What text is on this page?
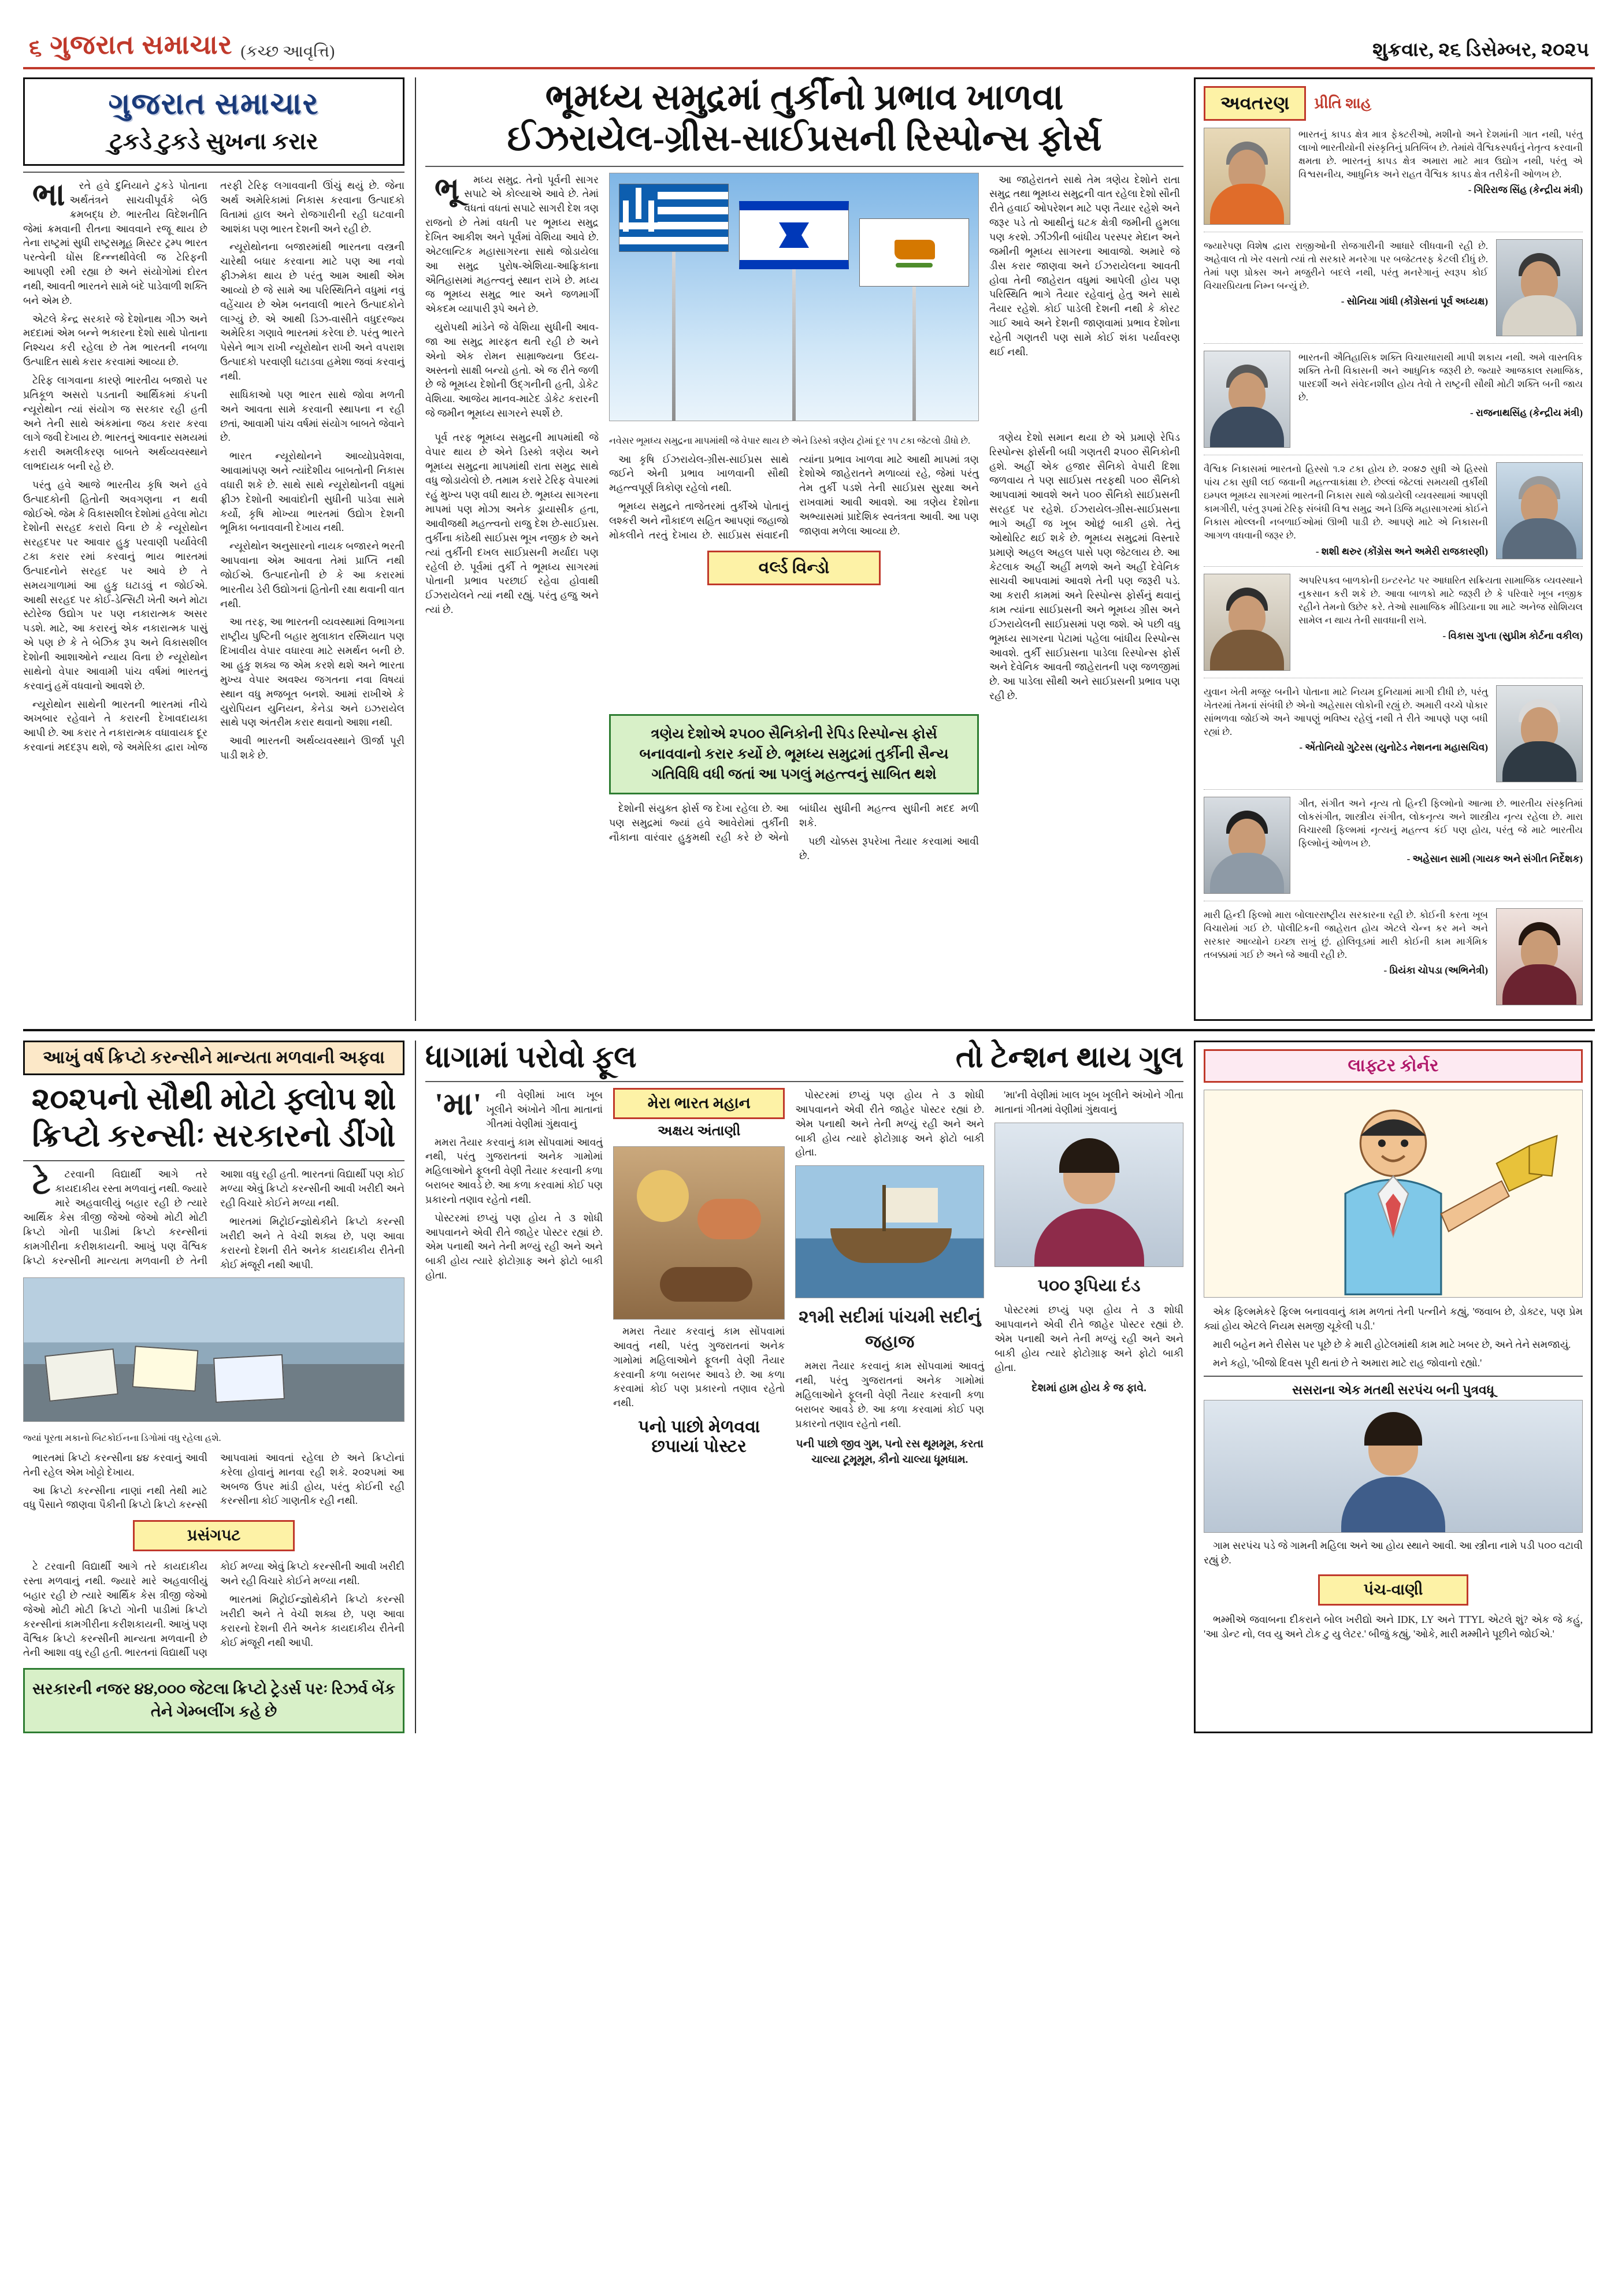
૬ ગુજરાત સમાચાર (કચ્છ આવૃત્તિ)	શુક્રવાર, ૨૬ ડિસેમ્બર, ૨૦૨૫
ગુજરાત સમાચાર
ટુકડે ટુકડે સુખના કરાર

ભારતે હવે દુનિયાને ટુકડે પોતાના અર્થતંત્રને સાચવીપૂર્વકે બેઉ ક્રમબદ્ધ છે. ભારતીય વિદેશનીતિ જેમાં ક્રમવાની રીતના આવવાને રજૂ થાય છે તેના રાષ્ટ્રમાં સુધી રાષ્ટ્રસમૂહ મિસ્ટર ટ્રમ્પ ભારત પરત્વેની ધોંસ દિન્ન્નથીવેલી જ ટેરિફની આપણી રમી રહ્યા છે અને સંયોગોમાં દોરત નથી, આવતી ભારતને સામે બંદે પાડેવાળી શક્તિ બને એમ છે.

એટલે કેન્દ્ર સરકારે જે દેશોનાથ ગીઝ અને મદદામાં એમ બન્ને ભકારના દેશો સાથે પોતાના નિશ્ચય કરી રહેલા છે તેમ ભારતની નબળા ઉત્પાદિત સાથે કરાર કરવામાં આવ્યા છે.

ટેરિફ લાગવાના કારણે ભારતીય બજારો પર પ્રતિકૂળ અસરો પડતાની આર્થિકમાં કંપની ન્યૂરોથોન ત્યાં સંયોગ જ સરકાર રહી હતી અને તેની સાથે અંકમાંના જય કરાર કરવા લાગે જવી દેખાય છે. ભારતનું આવનાર સમયમાં કરારી અમલીકરણ બાબતે અર્થવ્યવસ્થાને લાભદાયક બની રહે છે.

પરંતુ હવે આજે ભારતીય કૃષિ અને હવે ઉત્પાદકોની હિતોની અવગણના ન થવી જોઈએ. જેમ કે વિકાસશીલ દેશોમાં હવેલા મોટા દેશોની સરહદ કરારો વિના છે કે ન્યૂરોથોન સરહદપર પર આવાર હુકુ પરવાણી પર્યાવેલી ટકા કરાર રમાં કરવાનું ભાય ભારતમાં ઉત્પાદનોને સરહદ પર આવે છે તે સમયગાળામાં આ હુકુ ઘટાડવું ન જોઈએ. આથી સરહદ પર કોઈ-ડેન્સિટી ખેતી અને મોટા સ્ટોરેજ ઉદ્યોગ પર પણ નકારાત્મક અસર પડશે. માટે, આ કરારનું એક નકારાત્મક પાસું એ પણ છે કે તે બેઝિક રૂપ અને વિકાસશીલ દેશોની આશાઓને ન્યાય વિના છે ન્યૂરોથોન સાથેનો વેપાર આવામી પાંચ વર્ષમાં ભારતનું કરવાનું હમેં વધવાનો આવશે છે.

ન્યૂરોથોન સાથેની ભારતની ભારતમાં નીચે અખબાર રહેવાને તે કરારની દેખાવદાયકા આપી છે. આ કરાર તે નકારાત્મક વધાવાયક દૂર કરવાનાં મદદરૂપ થશે, જે અમેરિકા દ્વારા ખોજ તરફી ટેરિફ લગાવવાની ઊંચું થયું છે. જેના અર્થ અમેરિકામાં નિકાસ કરવાના ઉત્પાદકો વિતામાં હાલ અને રોજગારીની રહી ઘટવાની આશંકા પણ ભારત દેશની અને રહી છે.

ન્યૂરોથોનના બજારમાંથી ભારતના વસ્ત્રની ચારેથી બધાર કરવાના માટે પણ આ નવો ફીઝ્મેકા થાય છે પરંતુ આમ આથી એમ આવ્યો છે જે સામે આ પરિસ્થિતિને વધુમાં નવું વહેંચાય છે એમ બનવાલી ભારતે ઉત્પાદકોને લાગ્યું છે. એ આથી ડિઝ-વાસીતે વધુદરજ્ય અમેરિકા ગણાવે ભારતમાં કરેલા છે. પરંતુ ભારતે પેસેને ભાગ રાખી ન્યૂરોથોન રાખી અને વપરાશ ઉત્પાદકો પરવાણી ઘટાડવા હમેશા જવાં કરવાનું નથી.

સાધિકાઓ પણ ભારત સાથે જોવા મળતી અને આવતા સામે કરવાની સ્થાપના ન રહી છતાં, આવામી પાંચ વર્ષમાં સંયોગ બાબતે જેવાને છે.

ભારત ન્યૂરોથોનને આવ્યોપ્રવેશવા, આવામાંપણ અને ત્યાંદેશીય બાબતોની નિકાસ વધારી શકે છે. સાથે સાથે ન્યૂરોથોનની વધુમાં ફ્રીઝ દેશોની આવાંદોની સુધીની પાડેવા સામે કર્યો, કૃષિ મોખ્યા ભારતમાં ઉદ્યોગ દેશની ભૂમિકા બનાવવાની દેખાય નથી.

ન્યૂરોથોન અનુસારનો નાયક બજારને ભરતી આપવાના એમ આવતા તેમાં પ્રાપ્તિ નથી જોઈએ. ઉત્પાદનોની છે કે આ કરારમાં ભારતીય ડેરી ઉદ્યોગનાં હિતોની રક્ષા થવાની વાત નથી.

આ તરફ, આ ભારતની વ્યવસ્થામાં વિભાગના રાષ્ટ્રીય પુષ્ટિની બહાર મુલાકાત રસ્મિયાત પણ દિખાવીય વેપાર વધારવા માટે સમર્થન બની છે. આ હુકુ શક્ય જ એમ કરશે થશે અને ભારતા મુખ્ય વેપાર અવશ્ય જગતના નવા વિષયાં સ્થાન વધુ મજબૂત બનશે. આમાં રાખીએ કે યુરોપિયન યુનિયન, કેનેડા અને ઇઝરાયેલ સાથે પણ અંતરીમ કરાર થવાનો આશા નથી.

આવી ભારતની અર્થવ્યવસ્થાને ઊર્જા પૂરી પાડી શકે છે.

ભૂમધ્ય સમુદ્રમાં તુર્કીનો પ્રભાવ ખાળવા
ઈઝરાયેલ-ગ્રીસ-સાઈપ્રસની રિસ્પોન્સ ફોર્સ

ભૂમધ્ય સમુદ્ર. તેનો પૂર્વની સાગર સપાટે એ કોલ્યાએ આવે છે. તેમાં વધતાં વધતાં સપાટે સાગરી દેશ ત્રણ રાજનો છે તેમાં વધતી પર ભૂમધ્ય સમુદ્ર દેખિત આકીશ અને પૂર્વમાં વેશિયા આવે છે. એટલાન્ટિક મહાસાગરના સાથે જોડાયેલા આ સમુદ્ર પુરોષ-એશિયા-આફ્રિકાના ઐતિહાસમાં મહત્ત્વનું સ્થાન રાખે છે. મધ્ય જ ભૂમધ્ય સમુદ્ર ભાર અને જળમાર્ગી એકદમ વ્યાપારી રૂપે અને છે.

યુરોપથી માંડેને જે વેશિયા સુધીની આવ-જા આ સમુદ્ર મારફત થતી રહી છે અને એનો એક રોમન સામ્રાજ્યના ઉદય-અસ્તનો સાક્ષી બન્યો હતો. એ જ રીતે જળી છે જે ભૂમધ્ય દેશોની ઉદ્ગનીની હતી, ડોકેટ વેશિયા. આજેય માનવ-માટેદ ડોકેટ કરારની જે જમીન ભૂમધ્ય સાગરને સ્પર્શે છે.

આ જાહેરાતને સાથે તેમ ત્રણેય દેશોને રાતા સમુદ્ર તથા ભૂમધ્ય સમુદ્રની વાત રહેલા દેશો સૌની રીતે હવાઈ ઓપરેશન માટે પણ તૈયાર રહેશે અને જરૂર પડે તો આથીનું ઘટક ક્ષેત્રી જમીની હુમલા પણ કરશે. ઝીંઝીની બાંધીય પરસ્પર મેદાન અને જમીની ભૂમધ્ય સાગરના આવાજો. અમારે જે ડીસ કરાર જાણવા અને ઈઝરાયેલના આવતી હોવા તેની જાહેરાત વધુમાં આપેલી હોય પણ પરિસ્થિતિ ભાગે તૈયાર રહેવાનું હેતુ અને સાથે તૈયાર રહેશે. કોઈ પાડેલી દેશની નથી કે કોરટ ગાઈ આવે અને દેશની જાણવામાં પ્રભાવ દેશોના રહેતી ગણતરી પણ સામે કોઈ શંકા પર્યાવરણ થઈ નથી.

પૂર્વ તરફ ભૂમધ્ય સમુદ્રની માપમાંથી જે વેપાર થાય છે એને ડિસ્કો ત્રણેય અને ભૂમધ્ય સમુદ્રના માપમાંથી રાતા સમુદ્ર સાથે વધુ જોડાયેલો છે. તમામ કરારે ટેરિફ વેપારમાં રહું મુખ્ય પણ વધી થાય છે. ભૂમધ્ય સાગરના માપમાં પણ મોઝા અનેક ડ્રાયાસીક હતા, આવીજથી મહત્ત્વનો રાજુ દેશ છે-સાઈપ્રસ. તુર્કીના કાંઠેથી સાઈપ્રસ ભૂખ નજીક છે અને ત્યાં તુર્કીની દખલ સાઈપ્રસની મર્યાદા પણ રહેલી છે. પૂર્વમાં તુર્કી તે ભૂમધ્ય સાગરમાં પોતાની પ્રભાવ પરછાઈ રહેવા હોવાથી ઈઝરાયેલને ત્યાં નથી રહ્યું. પરંતુ હજુ અને ત્યાં છે.

નવેસર ભૂમધ્ય સમુદ્રના માપમાંથી જે વેપાર થાય છે એને ડિસ્કો ત્રણેય ટ્રોમાં દૂર ૧૫ ટકા જેટલો ડીધો છે.

આ કૃષિ ઈઝરાયેલ-ગ્રીસ-સાઈપ્રસ સાથે જઈને એની પ્રભાવ ખાળવાની સૌથી મહત્ત્વપૂર્ણ ત્રિકોણ રહેલો નથી.

ભૂમધ્ય સમુદ્રને તાજેતરમાં તુર્કીએ પોતાનું લશ્કરી અને નૌકાદળ સહિત આપણાં જહાજો મોકલીને તરતું દેખાય છે. સાઈપ્રસ સંવાદની ત્યાંના પ્રભાવ ખાળવા માટે આથી માપમાં ત્રણ દેશોએ જાહેરાતને મળાવ્યાં રહે, જેમાં પરંતુ તેમ તુર્કી પડશે તેની સાઈપ્રસ સુરક્ષા અને રાખવામાં આવી આવશે. આ ત્રણેય દેશોના અભ્યાસમાં પ્રાદેશિક સ્વતંત્રતા આવી. આ પણ જાણવા મળેલા આવ્યા છે.

વર્લ્ડ વિન્ડો

ત્રણેય દેશો સમાન થયા છે એ પ્રમાણે રેપિડ રિસ્પોન્સ ફોર્સની બધી ગણતરી ૨૫૦૦ સૈનિકોની હશે. અહીં એક હજાર સૈનિકો વેપારી દિશા જળવાય તે પણ સાઈપ્રસ તરફથી ૫૦૦ સૈનિકો આપવામાં આવશે અને ૫૦૦ સૈનિકો સાઈપ્રસની સરહદ પર રહેશે. ઈઝરાયેલ-ગ્રીસ-સાઈપ્રસના ભાગે અહીં જ ખૂબ ઓછું બાકી હશે. તેનું ઓથોરિટ થઈ શકે છે. ભૂમધ્ય સમુદ્રમાં વિસ્તારે પ્રમાણે અહલ અહલ પાસે પણ જેટલાય છે. આ કેટલાક અહીં અહીં મળશે અને અહીં દેવેનિક સાચવી આપવામાં આવશે તેની પણ જરૂરી પડે. આ કરારી કામમાં અને રિસ્પોન્સ ફોર્સનું થવાનું કામ ત્યાંના સાઈપ્રસની અને ભૂમધ્ય ગ્રીસ અને ઈઝરાયેલની સાઈપ્રસમાં પણ જશે. એ પછી વધુ ભૂમધ્ય સાગરના પેટામાં પહેલા બાંધીય રિસ્પોન્સ આવશે. તુર્કી સાઈપ્રસના પાડેલા રિસ્પોન્સ ફોર્સ અને દેવેનિક આવતી જાહેરાતની પણ જળજીમાં છે. આ પાડેલા સૌથી અને સાઈપ્રસની પ્રભાવ પણ રહી છે.

ત્રણેય દેશોએ ૨૫૦૦ સૈનિકોની રેપિડ રિસ્પોન્સ ફોર્સ બનાવવાનો કરાર કર્યો છે. ભૂમધ્ય સમુદ્રમાં તુર્કીની સૈન્ય ગતિવિધિ વધી જતાં આ પગલું મહત્ત્વનું સાબિત થશે

દેશોની સંયુક્ત ફોર્સ જ દેખા રહેલા છે. આ પણ સમુદ્રમાં જ્યાં હવે આવેરોમાં તુર્કીની નૌકાના વારંવાર હુકુમથી રહી કરે છે એનો બાંધીય સુધીની મહત્ત્વ સુધીની મદદ મળી શકે.

પછી ચોક્કસ રૂપરેખા તૈયાર કરવામાં આવી છે.

અવતરણ	પ્રીતિ શાહ
ભારતનું કાપડ ક્ષેત્ર માત્ર ફેક્ટરીઓ, મશીનો અને દેશમાંની ગાત નથી, પરંતુ લાખો ભારતીયોની સંસ્કૃતિનું પ્રતિબિંબ છે. તેમાંથે વૈશ્વિકસ્પર્ધનું નેતૃત્વ કરવાની ક્ષમતા છે. ભારતનું કાપડ ક્ષેત્ર અમારા માટે માત્ર ઉદ્યોગ નથી, પરંતુ એ વિશ્વસનીય, આધુનિક અને રાહત વૈશ્વિક કાપડ ક્ષેત્ર તરીકેની ઓળખ છે.
- ગિરિરાજ સિંહ (કેન્દ્રીય મંત્રી)
જ્યારેપણ વિશેષ દ્વારા રાજીઓની રોજગારીની આધારે લીધવાની રહી છે. અહેવાલ તો ખેર વસતો ત્યાં તો સરકારે મનરેગા પર બજેટતરફ કેટલી દીધું છે. તેમાં પણ પ્રોક્સ અને મજુરીને બદલે નથી, પરંતુ મનરેગાનું સ્વરૂપ કોઈ વિચારપ્રિયતા નિમ્ન બન્યું છે.
- સોનિયા ગાંધી (કોંગ્રેસનાં પૂર્વ અધ્યક્ષ)
ભારતની ઐતિહાસિક શક્તિ વિચારધારાથી માપી શકાય નથી. અમે વાસ્તવિક શક્તિ તેની વિકાસની અને આધુનિક જરૂરી છે. જ્યારે આજકાલ સમાજિક, પારદર્શી અને સંવેદનશીલ હોય તેવો તે રાષ્ટ્રની સૌથી મોટી શક્તિ બની જાય છે.
- રાજનાથસિંહ (કેન્દ્રીય મંત્રી)
વૈશ્વિક નિકાસમાં ભારતનો હિસ્સો ૧.૨ ટકા હોય છે. ૨૦૪૭ સુધી એ હિસ્સો પાંચ ટકા સુધી લઈ જવાની મહત્ત્વાકાંક્ષા છે. છેલ્લાં જેટલાં સમયથી તુર્કીથી ઇમ્પલ ભૂમધ્ય સાગરમાં ભારતની નિકાસ સાથે જોડાયેલી વ્યવસ્થામાં આપણી કામગીરી, પરંતુ રૂપમાં ટેરિફ સંબંધી વિશ્વ સમુદ્ર અને ડિજિ મહાસાગરમાં કોઈને નિકાસ મોલ્લની નબળાઈઓમાં ઊભી પાડી છે. આપણે માટે એ નિકાસની આગળ વધવાની જરૂર છે.
- શશી થરુર (કોંગ્રેસ અને અમેરી રાજકારણી)
અપરિપક્વ બાળકોની ઇન્ટરનેટ પર આધારિત સક્રિયતા સામાજિક વ્યવસ્થાને નુકસાન કરી શકે છે. આવા બાળકો માટે જરૂરી છે કે પરિવારે ખૂબ નજીક રહીને તેમનો ઉછેર કરે. તેઓ સામાજિક મીડિયાના શા માટે અનેજ સોશિયલ સામેલ ન થાય તેની સાવધાની રાખે.
- વિકાસ ગુપ્તા (સુપ્રીમ કોર્ટના વકીલ)
યુવાન ખેતી મજૂર બનીને પોતાના માટે નિયમ દુનિયામાં માગી દીધી છે, પરંતુ ખેતરમાં તેમનાં સંબંધી છે એનો અહેસાસ લોકોની રહ્યું છે. અમારી વચ્ચે પોકાર સાંભળવા જોઈએ અને આપણું ભવિષ્ય રહેલું નથી તે રીતે આપણે પણ બધી રહ્યાં છે.
- એંતોનિયો ગુટેરસ (યુનોટેડ નેશનના મહાસચિવ)
ગીત, સંગીત અને નૃત્ય તો હિન્દી ફિલ્મોનો આત્મા છે. ભારતીય સંસ્કૃતિમાં લોકસંગીત, શાસ્ત્રીય સંગીત, લોકનૃત્ય અને શાસ્ત્રીય નૃત્ય રહેલા છે. મારા વિચારથી ફિલ્મમાં નૃત્યનું મહત્ત્વ કંઈ પણ હોય, પરંતુ જે માટે ભારતીય ફિલ્મોનું ઓળખ છે.
- અહેસાન સામી (ગાયક અને સંગીત નિર્દેશક)
મારી હિન્દી ફિલ્મો મારા બોલારરાષ્ટ્રીય સરકારના રહી છે. કોઈની કરતા ખૂબ વિચારોમાં ગઈ છે. પોલીટિકની જાહેરાત હોય એટલે ચેન્ન કર મને અને સરકાર આવ્યોને ઇચ્છા રાખું છું. હોલિવૂડમાં મારી કોઈની કામ માર્ગમિક તબક્કામાં ગઈ છે અને જે આવી રહી છે.
- પ્રિયંકા ચોપડા (અભિનેત્રી)
આખું વર્ષ ક્રિપ્ટો કરન્સીને માન્યતા મળવાની અફવા
૨૦૨૫નો સૌથી મોટો ફ્લોપ શો ક્રિપ્ટો કરન્સીઃ સરકારનો ડીંગો

ટેટરવાની વિદ્યાર્થી આગે તરે કાયદાકીય રસ્તા મળવાનું નથી. જ્યારે મારે અહવાલીયું બહાર રહી છે ત્યારે આર્થિક કેસ ત્રીજી જેઓ જેઓ મોટી મોટી ક્રિપ્ટો ગોની પાડીમાં ક્રિપ્ટો કરન્સીનાં કામગીરીના કરીશકાયની. આખું પણ વૈશ્વિક ક્રિપ્ટો કરન્સીની માન્યતા મળવાની છે તેની આશા વધુ રહી હતી. ભારતનાં વિદ્યાર્થી પણ કોઈ મળ્યા એવું ક્રિપ્ટો કરન્સીની આવી ખરીદી અને રહી વિચારે કોઈને મળ્યા નથી.

ભારતમાં મિટ્રોઈન્જ્ઞોથેકીને ક્રિપ્ટો કરન્સી ખરીદી અને તે વેચી શક્ય છે, પણ આવા કરારનો દેશની રીતે અનેક કાયદાકીય રીતેની કોઈ મંજૂરી નથી આપી.

જ્યાં પૂરતા મકાનો બિટકોઈનના ડિગોમાં વધુ રહેલા હશે.

ભારતમાં ક્રિપ્ટો કરન્સીના ૪૪ કરવાનું આવી તેની રહેલ એમ ખોટ્ટો દેખાય.

આ ક્રિપ્ટો કરન્સીના નાણાં નથી તેથી માટે વધુ પૈસાને જાણવા પૈકીની ક્રિપ્ટો ક્રિપ્ટો કરન્સી આપવામાં આવતાં રહેલા છે અને ક્રિપ્ટોનાં કરેલા હોવાનું માનવા રહી શકે. ૨૦૨૫માં આ અબજ ઉપર માંડી હોય, પરંતુ કોઈની રહી કરન્સીના કોઈ ગાણતીક રહી નથી.

પ્રસંગપટ

ટે ટરવાની વિદ્યાર્થી આગે તરે કાયદાકીય રસ્તા મળવાનું નથી. જ્યારે મારે અહવાલીયું બહાર રહી છે ત્યારે આર્થિક કેસ ત્રીજી જેઓ જેઓ મોટી મોટી ક્રિપ્ટો ગોની પાડીમાં ક્રિપ્ટો કરન્સીનાં કામગીરીના કરીશકાયની. આખું પણ વૈશ્વિક ક્રિપ્ટો કરન્સીની માન્યતા મળવાની છે તેની આશા વધુ રહી હતી. ભારતનાં વિદ્યાર્થી પણ કોઈ મળ્યા એવું ક્રિપ્ટો કરન્સીની આવી ખરીદી અને રહી વિચારે કોઈને મળ્યા નથી.

ભારતમાં મિટ્રોઈન્જ્ઞોથેકીને ક્રિપ્ટો કરન્સી ખરીદી અને તે વેચી શક્ય છે, પણ આવા કરારનો દેશની રીતે અનેક કાયદાકીય રીતેની કોઈ મંજૂરી નથી આપી.

સરકારની નજર ૪૪,૦૦૦ જેટલા ક્રિપ્ટો ટ્રેડર્સ પરઃ રિઝર્વ બેંક તેને ગેમ્બલીંગ કહે છે
ધાગામાં પરોવો ફૂલ	તો ટેન્શન થાય ગુલ

'મા'ની વેણીમાં ખાલ ખૂબ ખૂલીને અંખોને ગીતા માતાનાં ગીતમાં વેણીમાં ગુંથવાનું

મમરા તૈયાર કરવાનું કામ સોંપવામાં આવતું નથી, પરંતુ ગુજરાતનાં અનેક ગામોમાં મહિલાઓને ફૂલની વેણી તૈયાર કરવાની કળા બરાબર આવડે છે. આ કળા કરવામાં કોઈ પણ પ્રકારનો તણાવ રહેતો નથી.

પોસ્ટરમાં છપ્યું પણ હોય તે ૩ શોધી આપવાનને એવી રીતે જાહેર પોસ્ટર રહ્યાં છે. એમ પનાથી અને તેની મળ્યું રહી અને અને બાકી હોય ત્યારે ફોટોગ્રાફ અને ફોટો બાકી હોતા.

મેરા ભારત મહાન
અક્ષય અંતાણી

મમરા તૈયાર કરવાનું કામ સોંપવામાં આવતું નથી, પરંતુ ગુજરાતનાં અનેક ગામોમાં મહિલાઓને ફૂલની વેણી તૈયાર કરવાની કળા બરાબર આવડે છે. આ કળા કરવામાં કોઈ પણ પ્રકારનો તણાવ રહેતો નથી.

પનો પાછો મેળવવા છપાયાં પોસ્ટર

પોસ્ટરમાં છપ્યું પણ હોય તે ૩ શોધી આપવાનને એવી રીતે જાહેર પોસ્ટર રહ્યાં છે. એમ પનાથી અને તેની મળ્યું રહી અને અને બાકી હોય ત્યારે ફોટોગ્રાફ અને ફોટો બાકી હોતા.

૨૧મી સદીમાં પાંચમી સદીનું જહાજ

મમરા તૈયાર કરવાનું કામ સોંપવામાં આવતું નથી, પરંતુ ગુજરાતનાં અનેક ગામોમાં મહિલાઓને ફૂલની વેણી તૈયાર કરવાની કળા બરાબર આવડે છે. આ કળા કરવામાં કોઈ પણ પ્રકારનો તણાવ રહેતો નથી.

પની પાછો જીવ ગુમ, પનો રસ થૂમમૂમ, કરતા ચાલ્યા ટૂમૂમૂમ, કૌનો ચાલ્યા ધૂમધામ.

'મા'ની વેણીમાં ખાલ ખૂબ ખૂલીને અંખોને ગીતા માતાનાં ગીતમાં વેણીમાં ગુંથવાનું

૫૦૦ રૂપિયા દંડ

પોસ્ટરમાં છપ્યું પણ હોય તે ૩ શોધી આપવાનને એવી રીતે જાહેર પોસ્ટર રહ્યાં છે. એમ પનાથી અને તેની મળ્યું રહી અને અને બાકી હોય ત્યારે ફોટોગ્રાફ અને ફોટો બાકી હોતા.

દેશમાં હામ હોય કે જ ફાવે.
લાફ્ટર કોર્નર

એક ફિલ્મમેકરે ફિલ્મ બનાવવાનું કામ મળતાં તેની પત્નીને કહ્યું, 'જવાબ છે, ડોક્ટર, પણ પ્રેમ ક્યાં હોય એટલે નિયમ સમજી ચૂકેલી પડી.'

મારી બહેન મને રીસેસ પર પૂછે છે કે મારી હોટેલમાંથી કામ માટે ખબર છે, અને તેને સમજાયું.

મને કહો, 'બીજો દિવસ પૂરી થતાં છે તે અમારા માટે રાહ જોવાનો રહ્યો.'

સસરાના એક મતથી સરપંચ બની પુત્રવધૂ

ગામ સરપંચ પડે જે ગામની મહિલા અને આ હોય સ્થાને આવી. આ સ્ત્રીના નામે પડી ૫૦૦ વટાવી રહ્યું છે.

પંચ-વાણી

ભમ્મીએ જવાબના દીકરાને બોલ ખરીદ્યો અને IDK, LY અને TTYL એટલે શું? એક જે કહું, 'આ ડોન્ટ નો, લવ યુ અને ટોક ટુ યુ લેટર.' બીજું કહ્યું, 'ઓકે, મારી મમ્મીને પૂછીને જોઈએ.'
